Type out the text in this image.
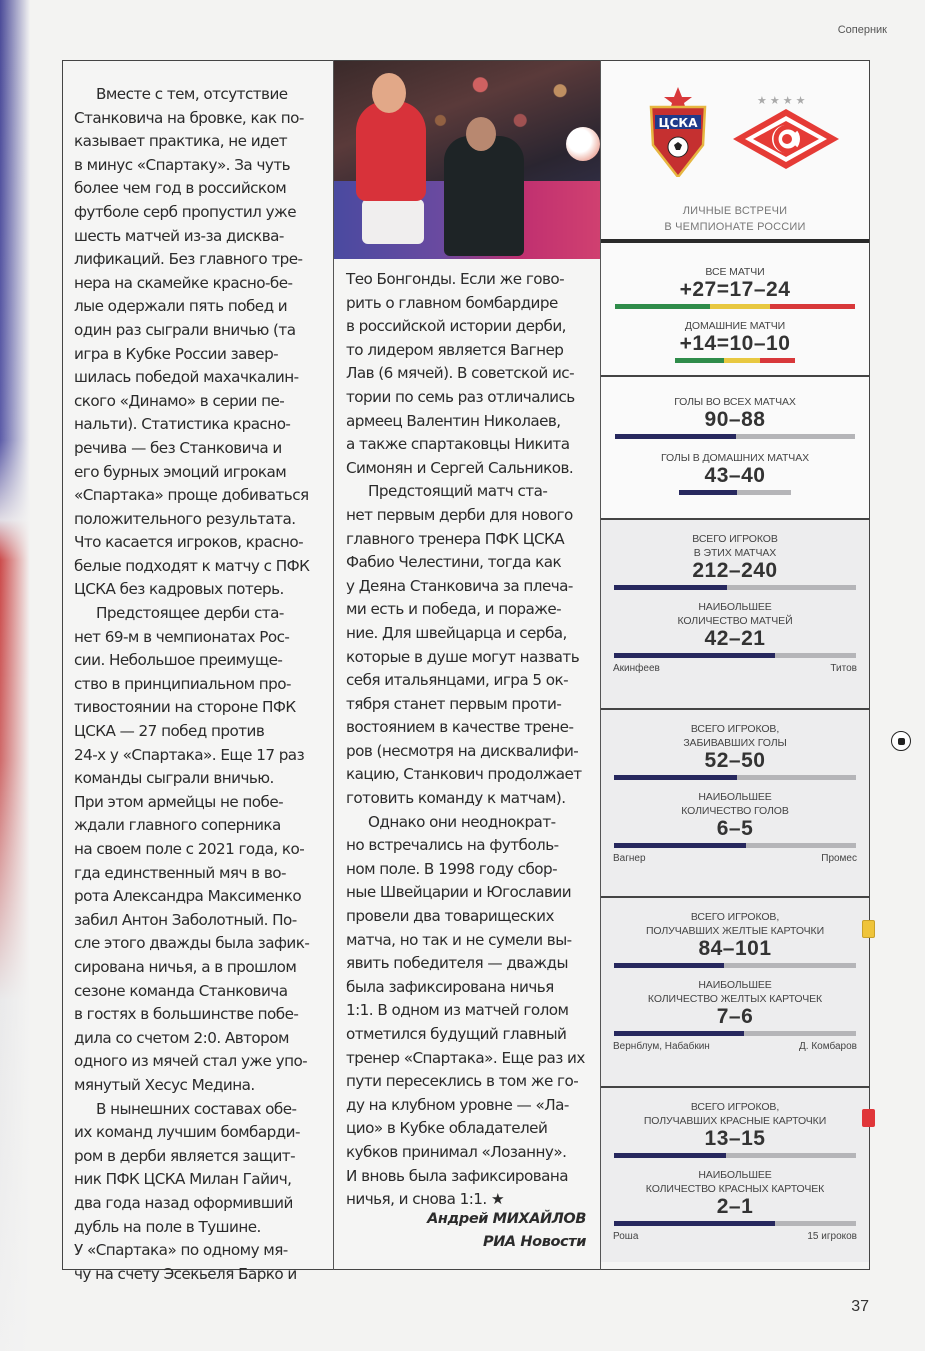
Соперник

Вместе с тем, отсутствие

Станковича на бровке, как по-

казывает практика, не идет

в минус «Спартаку». За чуть

более чем год в российском

футболе серб пропустил уже

шесть матчей из-за дисква-

лификаций. Без главного тре-

нера на скамейке красно-бе-

лые одержали пять побед и

один раз сыграли вничью (та

игра в Кубке России завер-

шилась победой махачкалин-

ского «Динамо» в серии пе-

нальти). Статистика красно-

речива — без Станковича и

его бурных эмоций игрокам

«Спартака» проще добиваться

положительного результата.

Что касается игроков, красно-

белые подходят к матчу с ПФК

ЦСКА без кадровых потерь.

Предстоящее дерби ста-

нет 69-м в чемпионатах Рос-

сии. Небольшое преимуще-

ство в принципиальном про-

тивостоянии на стороне ПФК

ЦСКА — 27 побед против

24-х у «Спартака». Еще 17 раз

команды сыграли вничью.

При этом армейцы не побе-

ждали главного соперника

на своем поле с 2021 года, ко-

гда единственный мяч в во-

рота Александра Максименко

забил Антон Заболотный. По-

сле этого дважды была зафик-

сирована ничья, а в прошлом

сезоне команда Станковича

в гостях в большинстве побе-

дила со счетом 2:0. Автором

одного из мячей стал уже упо-

мянутый Хесус Медина.

В нынешних составах обе-

их команд лучшим бомбарди-

ром в дерби является защит-

ник ПФК ЦСКА Милан Гайич,

два года назад оформивший

дубль на поле в Тушине.

У «Спартака» по одному мя-

чу на счету Эсекьеля Барко и

Тео Бонгонды. Если же гово-

рить о главном бомбардире

в российской истории дерби,

то лидером является Вагнер

Лав (6 мячей). В советской ис-

тории по семь раз отличались

армеец Валентин Николаев,

а также спартаковцы Никита

Симонян и Сергей Сальников.

Предстоящий матч ста-

нет первым дерби для нового

главного тренера ПФК ЦСКА

Фабио Челестини, тогда как

у Деяна Станковича за плеча-

ми есть и победа, и пораже-

ние. Для швейцарца и серба,

которые в душе могут назвать

себя итальянцами, игра 5 ок-

тября станет первым проти-

востоянием в качестве трене-

ров (несмотря на дисквалифи-

кацию, Станкович продолжает

готовить команду к матчам).

Однако они неоднократ-

но встречались на футболь-

ном поле. В 1998 году сбор-

ные Швейцарии и Югославии

провели два товарищеских

матча, но так и не сумели вы-

явить победителя — дважды

была зафиксирована ничья

1:1. В одном из матчей голом

отметился будущий главный

тренер «Спартака». Еще раз их

пути пересеклись в том же го-

ду на клубном уровне — «Ла-

цио» в Кубке обладателей

кубков принимал «Лозанну».

И вновь была зафиксирована

ничья, и снова 1:1. ★

Андрей МИХАЙЛОВ
РИА Новости
ЦСКА
★★★★
ЛИЧНЫЕ ВСТРЕЧИ
В ЧЕМПИОНАТЕ РОССИИ
ВСЕ МАТЧИ
+27=17–24
ДОМАШНИЕ МАТЧИ
+14=10–10
ГОЛЫ ВО ВСЕХ МАТЧАХ
90–88
ГОЛЫ В ДОМАШНИХ МАТЧАХ
43–40
ВСЕГО ИГРОКОВ
В ЭТИХ МАТЧАХ
212–240
НАИБОЛЬШЕЕ
КОЛИЧЕСТВО МАТЧЕЙ
42–21
Акинфеев	Титов
ВСЕГО ИГРОКОВ,
ЗАБИВАВШИХ ГОЛЫ
52–50
НАИБОЛЬШЕЕ
КОЛИЧЕСТВО ГОЛОВ
6–5
Вагнер	Промес
ВСЕГО ИГРОКОВ,
ПОЛУЧАВШИХ ЖЕЛТЫЕ КАРТОЧКИ
84–101
НАИБОЛЬШЕЕ
КОЛИЧЕСТВО ЖЕЛТЫХ КАРТОЧЕК
7–6
Вернблум, Набабкин	Д. Комбаров
ВСЕГО ИГРОКОВ,
ПОЛУЧАВШИХ КРАСНЫЕ КАРТОЧКИ
13–15
НАИБОЛЬШЕЕ
КОЛИЧЕСТВО КРАСНЫХ КАРТОЧЕК
2–1
Роша	15 игроков
37
